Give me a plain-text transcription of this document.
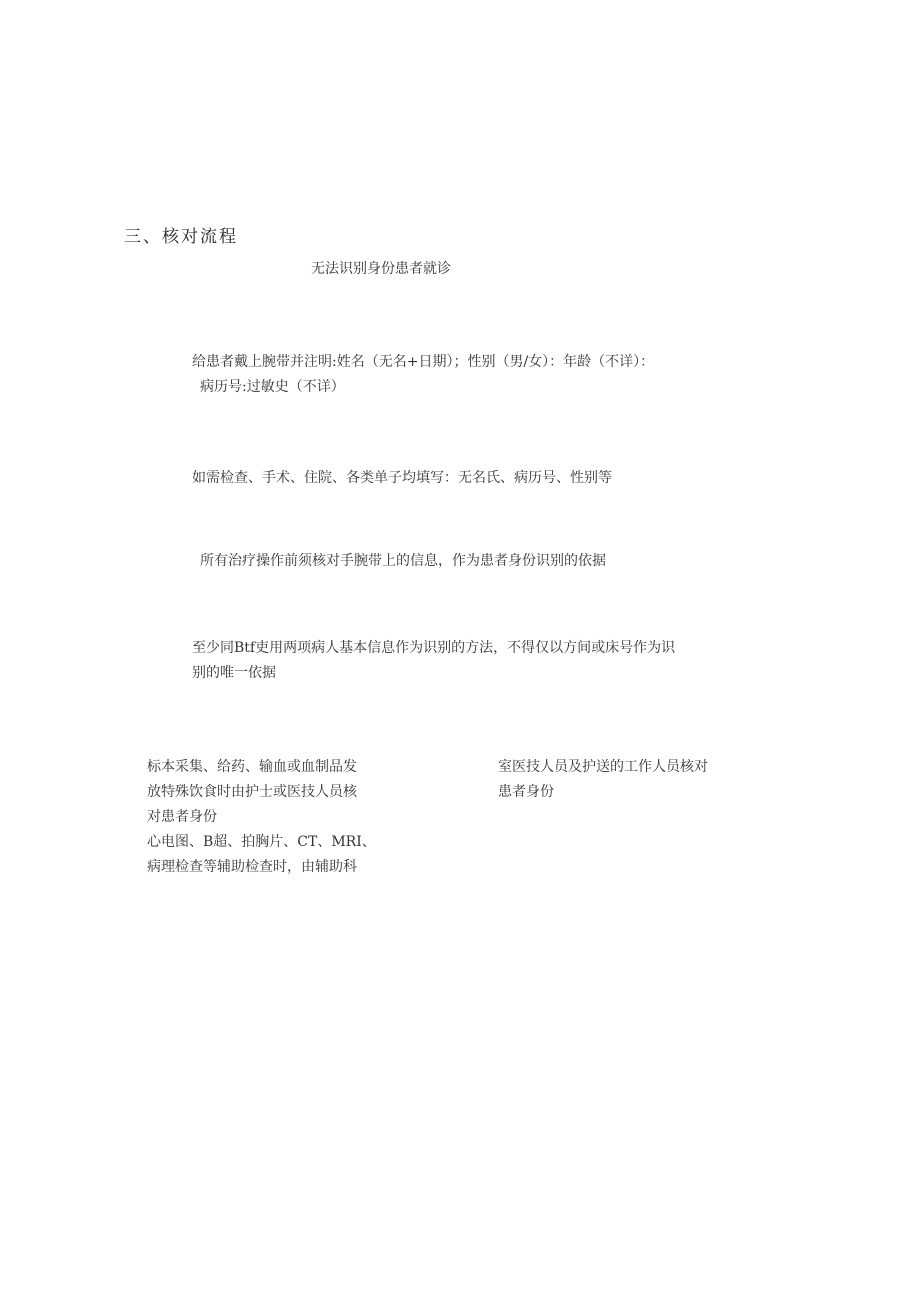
三、核对流程
无法识别身份患者就诊
给患者戴上腕带并注明:姓名（无名+日期）；性别（男/女）：年龄（不详）：
病历号:过敏史（不详）
如需检查、手术、住院、各类单子均填写：无名氏、病历号、性别等
所有治疗操作前须核对手腕带上的信息，作为患者身份识别的依据
至少同Btf吏用两项病人基本信息作为识别的方法，不得仅以方间或床号作为识
别的唯一依据
标本采集、给药、输血或血制品发
放特殊饮食时由护士或医技人员核
对患者身份
心电图、B超、拍胸片、CT、MRI、
病理检查等辅助检查时，由辅助科
室医技人员及护送的工作人员核对
患者身份
